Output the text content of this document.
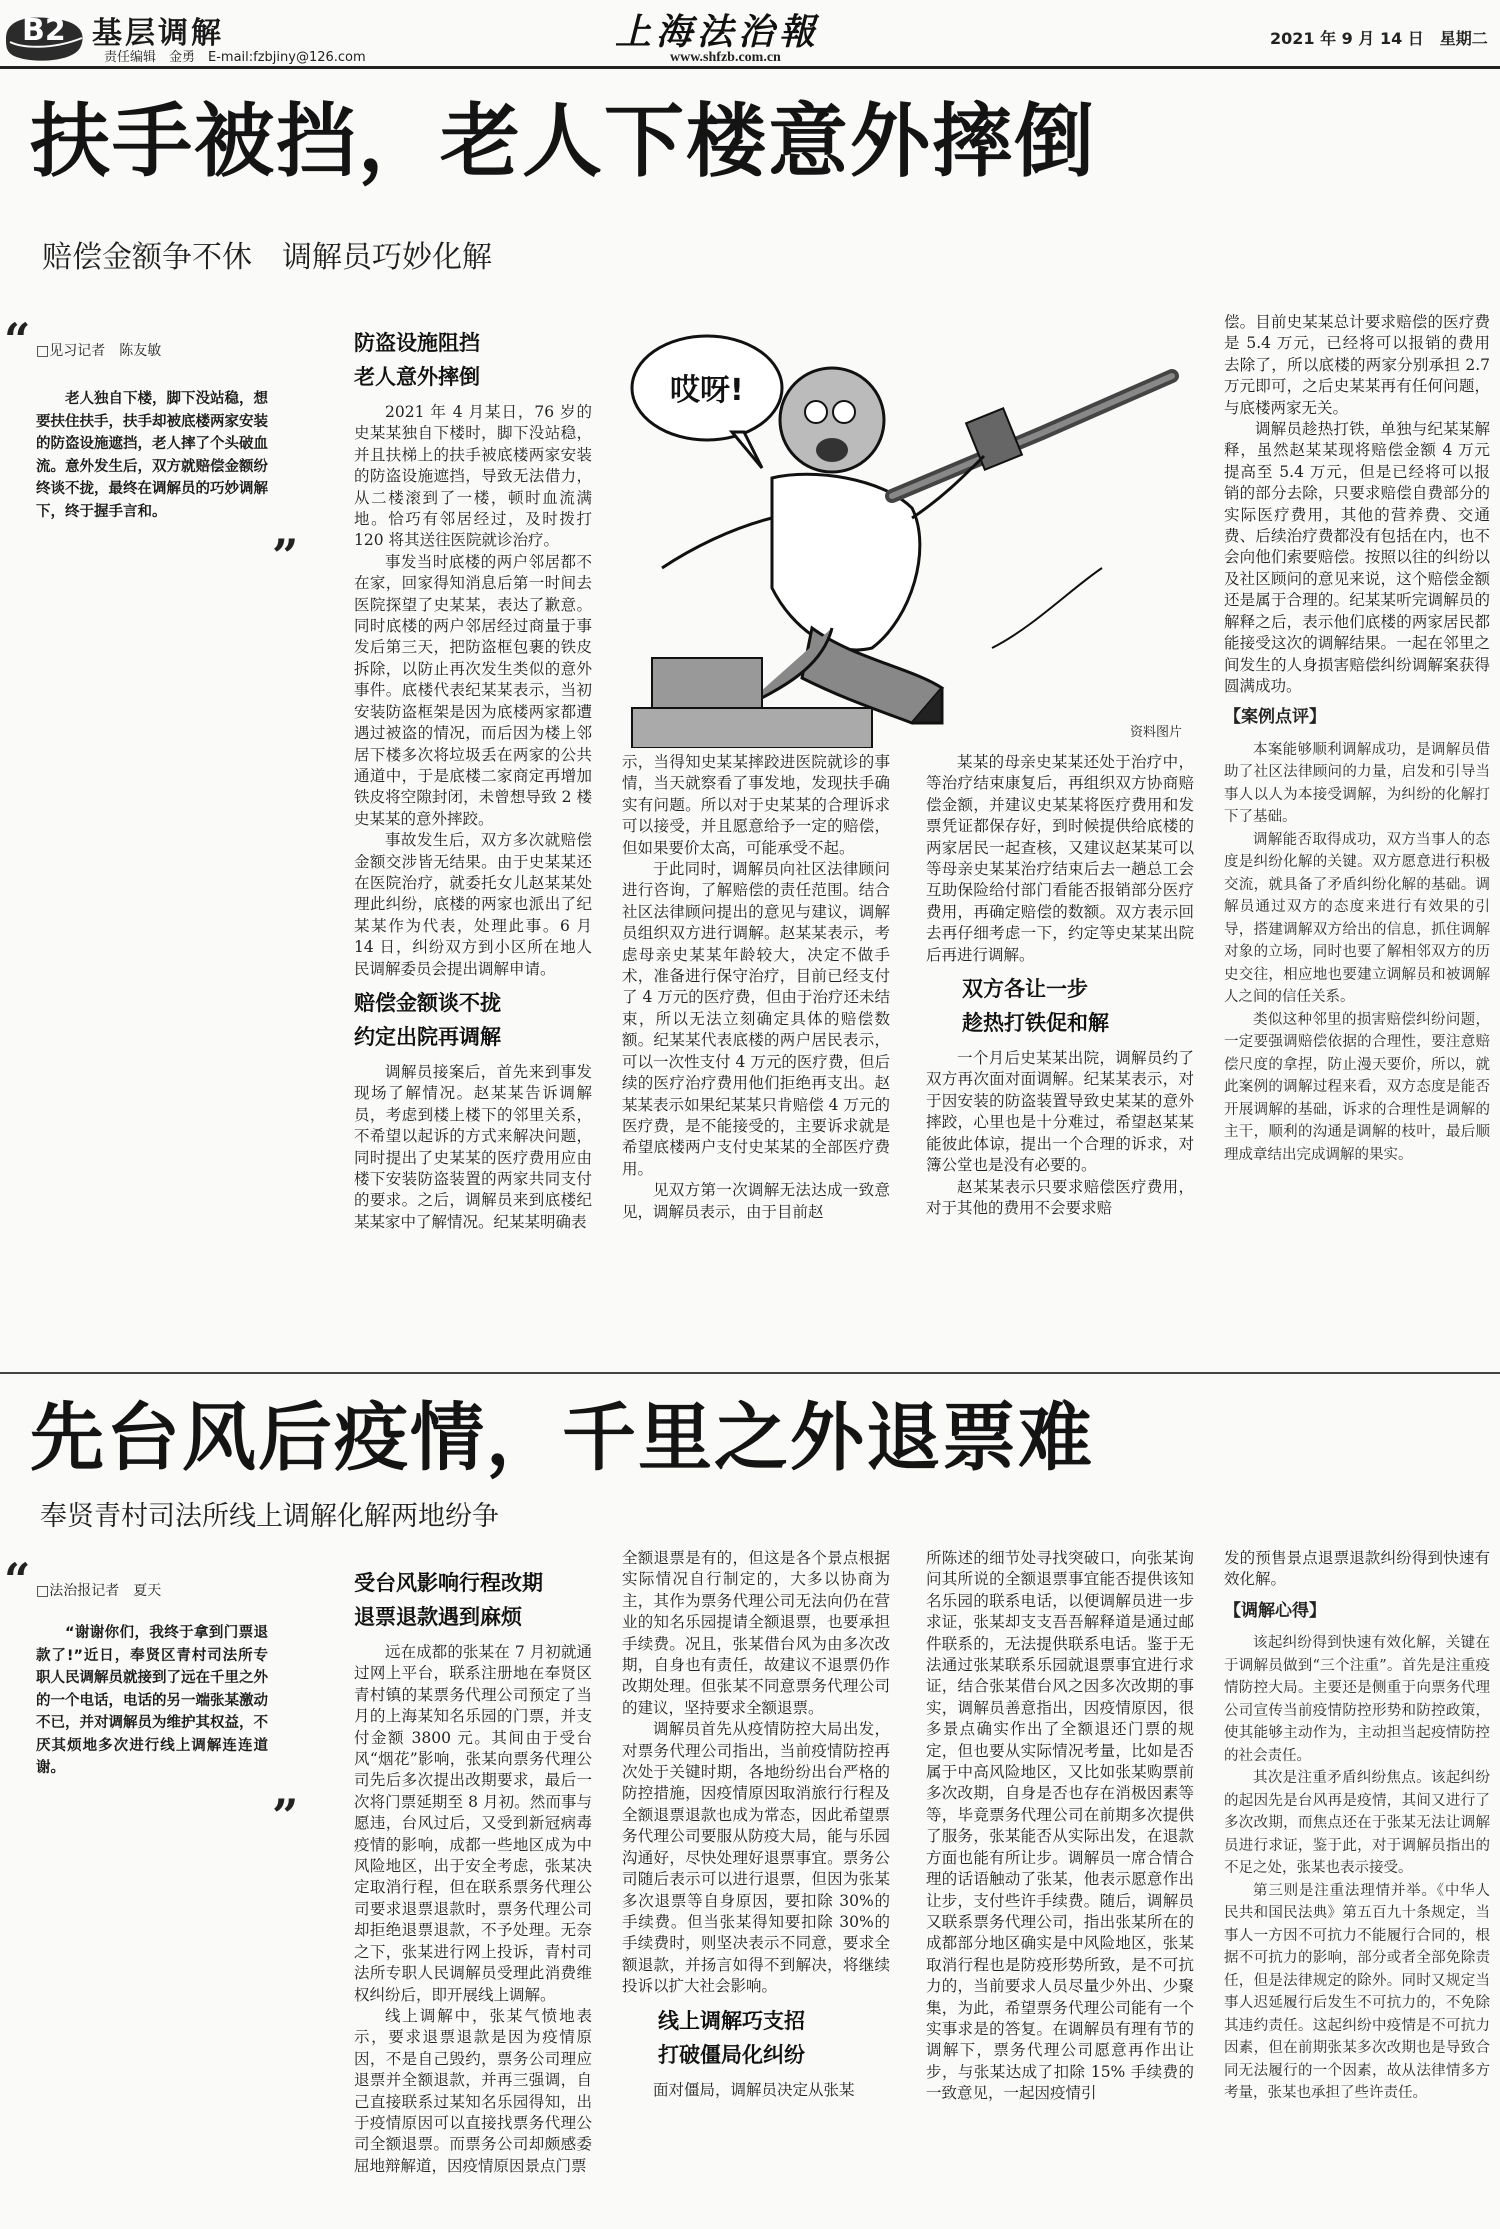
B2 基层调解
责任编辑　金勇　E-mail:fzbjiny@126.com
上海法治報
www.shfzb.com.cn
2021 年 9 月 14 日　星期二
扶手被挡，老人下楼意外摔倒
赔偿金额争不休　调解员巧妙化解
“ □见习记者　陈友敏

老人独自下楼，脚下没站稳，想要扶住扶手，扶手却被底楼两家安装的防盗设施遮挡，老人摔了个头破血流。意外发生后，双方就赔偿金额纷终谈不拢，最终在调解员的巧妙调解下，终于握手言和。

”
防盗设施阻挡
老人意外摔倒

2021 年 4 月某日，76 岁的史某某独自下楼时，脚下没站稳，并且扶梯上的扶手被底楼两家安装的防盗设施遮挡，导致无法借力，从二楼滚到了一楼，顿时血流满地。恰巧有邻居经过，及时拨打 120 将其送往医院就诊治疗。

事发当时底楼的两户邻居都不在家，回家得知消息后第一时间去医院探望了史某某，表达了歉意。同时底楼的两户邻居经过商量于事发后第三天，把防盗框包裹的铁皮拆除，以防止再次发生类似的意外事件。底楼代表纪某某表示，当初安装防盗框架是因为底楼两家都遭遇过被盗的情况，而后因为楼上邻居下楼多次将垃圾丢在两家的公共通道中，于是底楼二家商定再增加铁皮将空隙封闭，未曾想导致 2 楼史某某的意外摔跤。

事故发生后，双方多次就赔偿金额交涉皆无结果。由于史某某还在医院治疗，就委托女儿赵某某处理此纠纷，底楼的两家也派出了纪某某作为代表，处理此事。6 月 14 日，纠纷双方到小区所在地人民调解委员会提出调解申请。

赔偿金额谈不拢
约定出院再调解

调解员接案后，首先来到事发现场了解情况。赵某某告诉调解员，考虑到楼上楼下的邻里关系，不希望以起诉的方式来解决问题，同时提出了史某某的医疗费用应由楼下安装防盗装置的两家共同支付的要求。之后，调解员来到底楼纪某某家中了解情况。纪某某明确表

哎呀!
资料图片

示，当得知史某某摔跤进医院就诊的事情，当天就察看了事发地，发现扶手确实有问题。所以对于史某某的合理诉求可以接受，并且愿意给予一定的赔偿，但如果要价太高，可能承受不起。

于此同时，调解员向社区法律顾问进行咨询，了解赔偿的责任范围。结合社区法律顾问提出的意见与建议，调解员组织双方进行调解。赵某某表示，考虑母亲史某某年龄较大，决定不做手术，准备进行保守治疗，目前已经支付了 4 万元的医疗费，但由于治疗还未结束，所以无法立刻确定具体的赔偿数额。纪某某代表底楼的两户居民表示，可以一次性支付 4 万元的医疗费，但后续的医疗治疗费用他们拒绝再支出。赵某某表示如果纪某某只肯赔偿 4 万元的医疗费，是不能接受的，主要诉求就是希望底楼两户支付史某某的全部医疗费用。

见双方第一次调解无法达成一致意见，调解员表示，由于目前赵

某某的母亲史某某还处于治疗中，等治疗结束康复后，再组织双方协商赔偿金额，并建议史某某将医疗费用和发票凭证都保存好，到时候提供给底楼的两家居民一起查核，又建议赵某某可以等母亲史某某治疗结束后去一趟总工会互助保险给付部门看能否报销部分医疗费用，再确定赔偿的数额。双方表示回去再仔细考虑一下，约定等史某某出院后再进行调解。

双方各让一步
趁热打铁促和解

一个月后史某某出院，调解员约了双方再次面对面调解。纪某某表示，对于因安装的防盗装置导致史某某的意外摔跤，心里也是十分难过，希望赵某某能彼此体谅，提出一个合理的诉求，对簿公堂也是没有必要的。

赵某某表示只要求赔偿医疗费用，对于其他的费用不会要求赔

偿。目前史某某总计要求赔偿的医疗费是 5.4 万元，已经将可以报销的费用去除了，所以底楼的两家分别承担 2.7 万元即可，之后史某某再有任何问题，与底楼两家无关。

调解员趁热打铁，单独与纪某某解释，虽然赵某某现将赔偿金额 4 万元提高至 5.4 万元，但是已经将可以报销的部分去除，只要求赔偿自费部分的实际医疗费用，其他的营养费、交通费、后续治疗费都没有包括在内，也不会向他们索要赔偿。按照以往的纠纷以及社区顾问的意见来说，这个赔偿金额还是属于合理的。纪某某听完调解员的解释之后，表示他们底楼的两家居民都能接受这次的调解结果。一起在邻里之间发生的人身损害赔偿纠纷调解案获得圆满成功。

【案例点评】

本案能够顺利调解成功，是调解员借助了社区法律顾问的力量，启发和引导当事人以人为本接受调解，为纠纷的化解打下了基础。

调解能否取得成功，双方当事人的态度是纠纷化解的关键。双方愿意进行积极交流，就具备了矛盾纠纷化解的基础。调解员通过双方的态度来进行有效果的引导，搭建调解双方给出的信息，抓住调解对象的立场，同时也要了解相邻双方的历史交往，相应地也要建立调解员和被调解人之间的信任关系。

类似这种邻里的损害赔偿纠纷问题，一定要强调赔偿依据的合理性，要注意赔偿尺度的拿捏，防止漫天要价，所以，就此案例的调解过程来看，双方态度是能否开展调解的基础，诉求的合理性是调解的主干，顺利的沟通是调解的枝叶，最后顺理成章结出完成调解的果实。

先台风后疫情，千里之外退票难
奉贤青村司法所线上调解化解两地纷争
“ □法治报记者　夏天

“谢谢你们，我终于拿到门票退款了!”近日，奉贤区青村司法所专职人民调解员就接到了远在千里之外的一个电话，电话的另一端张某激动不已，并对调解员为维护其权益，不厌其烦地多次进行线上调解连连道谢。

”
受台风影响行程改期
退票退款遇到麻烦

远在成都的张某在 7 月初就通过网上平台，联系注册地在奉贤区青村镇的某票务代理公司预定了当月的上海某知名乐园的门票，并支付金额 3800 元。其间由于受台风“烟花”影响，张某向票务代理公司先后多次提出改期要求，最后一次将门票延期至 8 月初。然而事与愿违，台风过后，又受到新冠病毒疫情的影响，成都一些地区成为中风险地区，出于安全考虑，张某决定取消行程，但在联系票务代理公司要求退票退款时，票务代理公司却拒绝退票退款，不予处理。无奈之下，张某进行网上投诉，青村司法所专职人民调解员受理此消费维权纠纷后，即开展线上调解。

线上调解中，张某气愤地表示，要求退票退款是因为疫情原因，不是自己毁约，票务公司理应退票并全额退款，并再三强调，自己直接联系过某知名乐园得知，出于疫情原因可以直接找票务代理公司全额退票。而票务公司却颇感委屈地辩解道，因疫情原因景点门票

全额退票是有的，但这是各个景点根据实际情况自行制定的，大多以协商为主，其作为票务代理公司无法向仍在营业的知名乐园提请全额退票，也要承担手续费。况且，张某借台风为由多次改期，自身也有责任，故建议不退票仍作改期处理。但张某不同意票务代理公司的建议，坚持要求全额退票。

调解员首先从疫情防控大局出发，对票务代理公司指出，当前疫情防控再次处于关键时期，各地纷纷出台严格的防控措施，因疫情原因取消旅行行程及全额退票退款也成为常态，因此希望票务代理公司要服从防疫大局，能与乐园沟通好，尽快处理好退票事宜。票务公司随后表示可以进行退票，但因为张某多次退票等自身原因，要扣除 30%的手续费。但当张某得知要扣除 30%的手续费时，则坚决表示不同意，要求全额退款，并扬言如得不到解决，将继续投诉以扩大社会影响。

线上调解巧支招
打破僵局化纠纷

面对僵局，调解员决定从张某

所陈述的细节处寻找突破口，向张某询问其所说的全额退票事宜能否提供该知名乐园的联系电话，以便调解员进一步求证，张某却支支吾吾解释道是通过邮件联系的，无法提供联系电话。鉴于无法通过张某联系乐园就退票事宜进行求证，结合张某借台风之因多次改期的事实，调解员善意指出，因疫情原因，很多景点确实作出了全额退还门票的规定，但也要从实际情况考量，比如是否属于中高风险地区，又比如张某购票前多次改期，自身是否也存在消极因素等等，毕竟票务代理公司在前期多次提供了服务，张某能否从实际出发，在退款方面也能有所让步。调解员一席合情合理的话语触动了张某，他表示愿意作出让步，支付些许手续费。随后，调解员又联系票务代理公司，指出张某所在的成都部分地区确实是中风险地区，张某取消行程也是防疫形势所致，是不可抗力的，当前要求人员尽量少外出、少聚集，为此，希望票务代理公司能有一个实事求是的答复。在调解员有理有节的调解下，票务代理公司愿意再作出让步，与张某达成了扣除 15% 手续费的一致意见，一起因疫情引

发的预售景点退票退款纠纷得到快速有效化解。

【调解心得】

该起纠纷得到快速有效化解，关键在于调解员做到“三个注重”。首先是注重疫情防控大局。主要还是侧重于向票务代理公司宣传当前疫情防控形势和防控政策，使其能够主动作为，主动担当起疫情防控的社会责任。

其次是注重矛盾纠纷焦点。该起纠纷的起因先是台风再是疫情，其间又进行了多次改期，而焦点还在于张某无法让调解员进行求证，鉴于此，对于调解员指出的不足之处，张某也表示接受。

第三则是注重法理情并举。《中华人民共和国民法典》第五百九十条规定，当事人一方因不可抗力不能履行合同的，根据不可抗力的影响，部分或者全部免除责任，但是法律规定的除外。同时又规定当事人迟延履行后发生不可抗力的，不免除其违约责任。这起纠纷中疫情是不可抗力因素，但在前期张某多次改期也是导致合同无法履行的一个因素，故从法律情多方考量，张某也承担了些许责任。
